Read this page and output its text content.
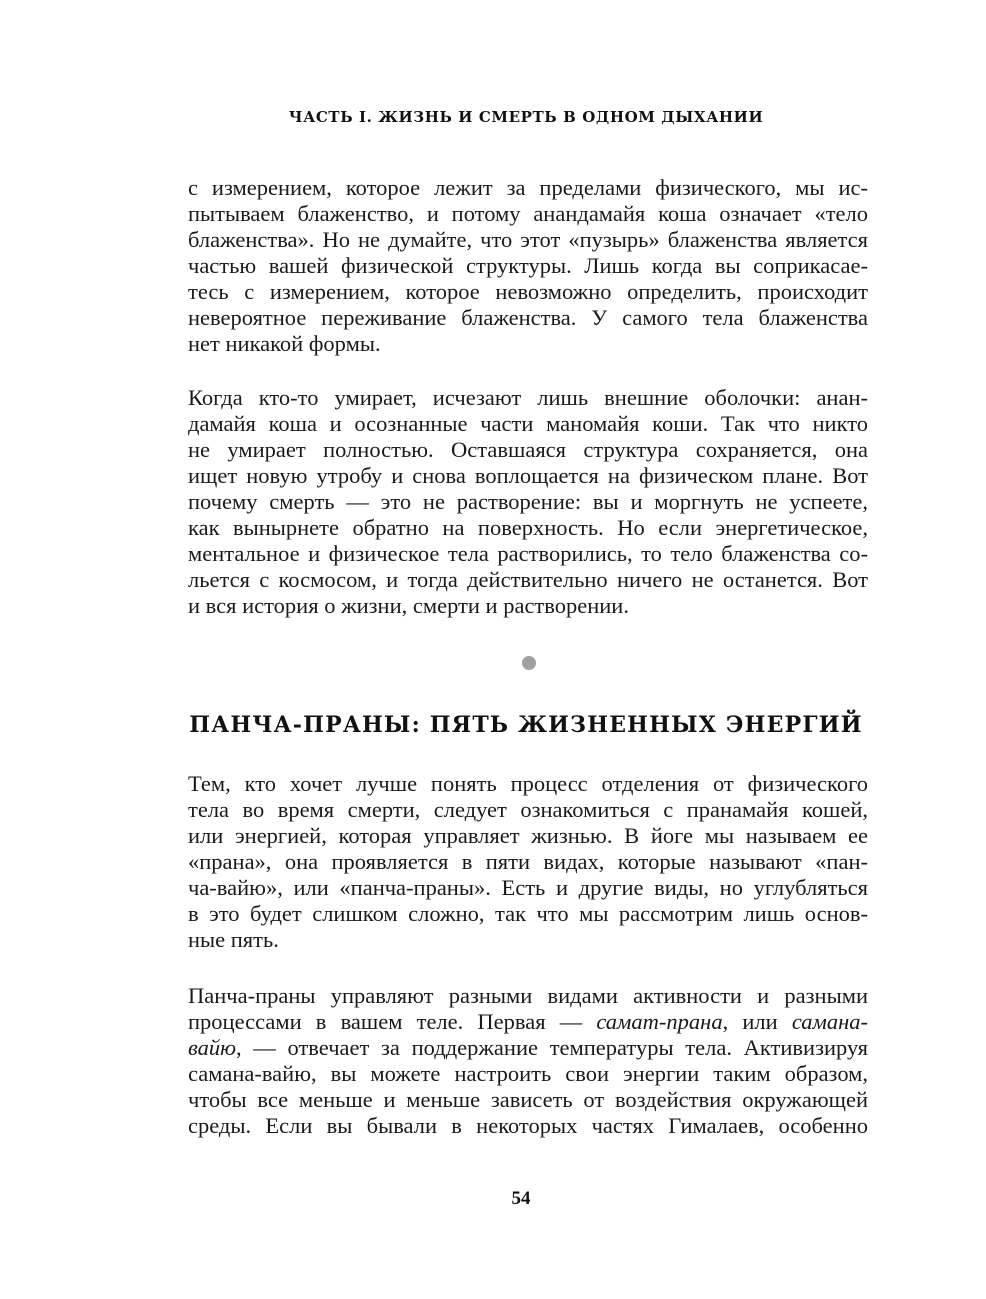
ЧАСТЬ I. ЖИЗНЬ И СМЕРТЬ В ОДНОМ ДЫХАНИИ
с измерением, которое лежит за пределами физического, мы ис-
пытываем блаженство, и потому анандамайя коша означает «тело
блаженства». Но не думайте, что этот «пузырь» блаженства является
частью вашей физической структуры. Лишь когда вы соприкасае-
тесь с измерением, которое невозможно определить, происходит
невероятное переживание блаженства. У самого тела блаженства
нет никакой формы.
Когда кто-то умирает, исчезают лишь внешние оболочки: анан-
дамайя коша и осознанные части маномайя коши. Так что никто
не умирает полностью. Оставшаяся структура сохраняется, она
ищет новую утробу и снова воплощается на физическом плане. Вот
почему смерть — это не растворение: вы и моргнуть не успеете,
как вынырнете обратно на поверхность. Но если энергетическое,
ментальное и физическое тела растворились, то тело блаженства со-
льется с космосом, и тогда действительно ничего не останется. Вот
и вся история о жизни, смерти и растворении.
ПАНЧА-ПРАНЫ: ПЯТЬ ЖИЗНЕННЫХ ЭНЕРГИЙ
Тем, кто хочет лучше понять процесс отделения от физического
тела во время смерти, следует ознакомиться с пранамайя кошей,
или энергией, которая управляет жизнью. В йоге мы называем ее
«прана», она проявляется в пяти видах, которые называют «пан-
ча-вайю», или «панча-праны». Есть и другие виды, но углубляться
в это будет слишком сложно, так что мы рассмотрим лишь основ-
ные пять.
Панча-праны управляют разными видами активности и разными
процессами в вашем теле. Первая — самат-прана, или самана-
вайю, — отвечает за поддержание температуры тела. Активизируя
самана-вайю, вы можете настроить свои энергии таким образом,
чтобы все меньше и меньше зависеть от воздействия окружающей
среды. Если вы бывали в некоторых частях Гималаев, особенно
54
